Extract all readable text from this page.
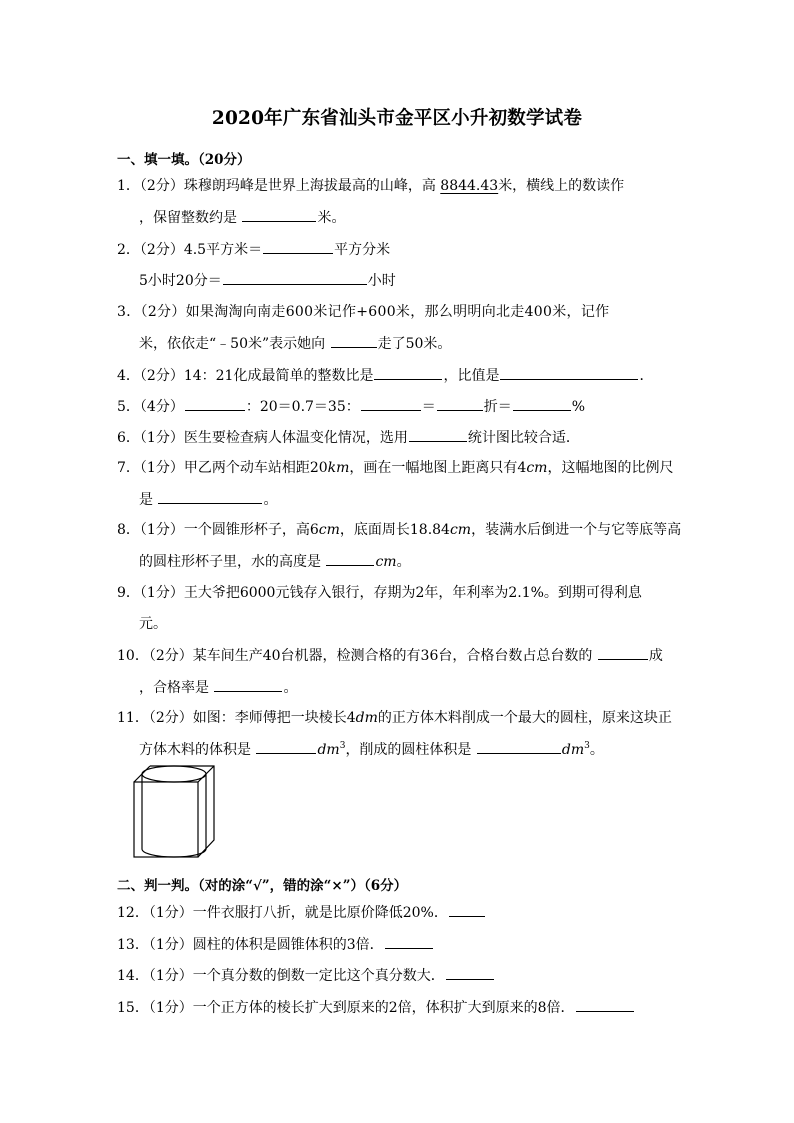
2020年广东省汕头市金平区小升初数学试卷
一、填一填。（20分）
1．（2分）珠穆朗玛峰是世界上海拔最高的山峰，高 8844.43米，横线上的数读作
，保留整数约是	米。
2．（2分）4.5平方米＝	平方分米
5小时20分＝	小时
3．（2分）如果淘淘向南走600米记作+600米，那么明明向北走400米，记作
米，依依走“﹣50米”表示她向	走了50米。
4．（2分）14：21化成最简单的整数比是	，比值是	．
5．（4分）	：20＝0.7＝35：	＝	折＝	%
6．（1分）医生要检查病人体温变化情况，选用	统计图比较合适．
7．（1分）甲乙两个动车站相距20km，画在一幅地图上距离只有4cm，这幅地图的比例尺
是	。
8．（1分）一个圆锥形杯子，高6cm，底面周长18.84cm，装满水后倒进一个与它等底等高
的圆柱形杯子里，水的高度是	cm。
9．（1分）王大爷把6000元钱存入银行，存期为2年，年利率为2.1%。到期可得利息
元。
10．（2分）某车间生产40台机器，检测合格的有36台，合格台数占总台数的	成
，合格率是	。
11．（2分）如图：李师傅把一块棱长4dm的正方体木料削成一个最大的圆柱，原来这块正
方体木料的体积是	$dm^3$，削成的圆柱体积是	$dm^3$。
二、判一判。（对的涂“√”，错的涂“×”）（6分）
12．（1分）一件衣服打八折，就是比原价降低20%．
13．（1分）圆柱的体积是圆锥体积的3倍．
14．（1分）一个真分数的倒数一定比这个真分数大．
15．（1分）一个正方体的棱长扩大到原来的2倍，体积扩大到原来的8倍．
